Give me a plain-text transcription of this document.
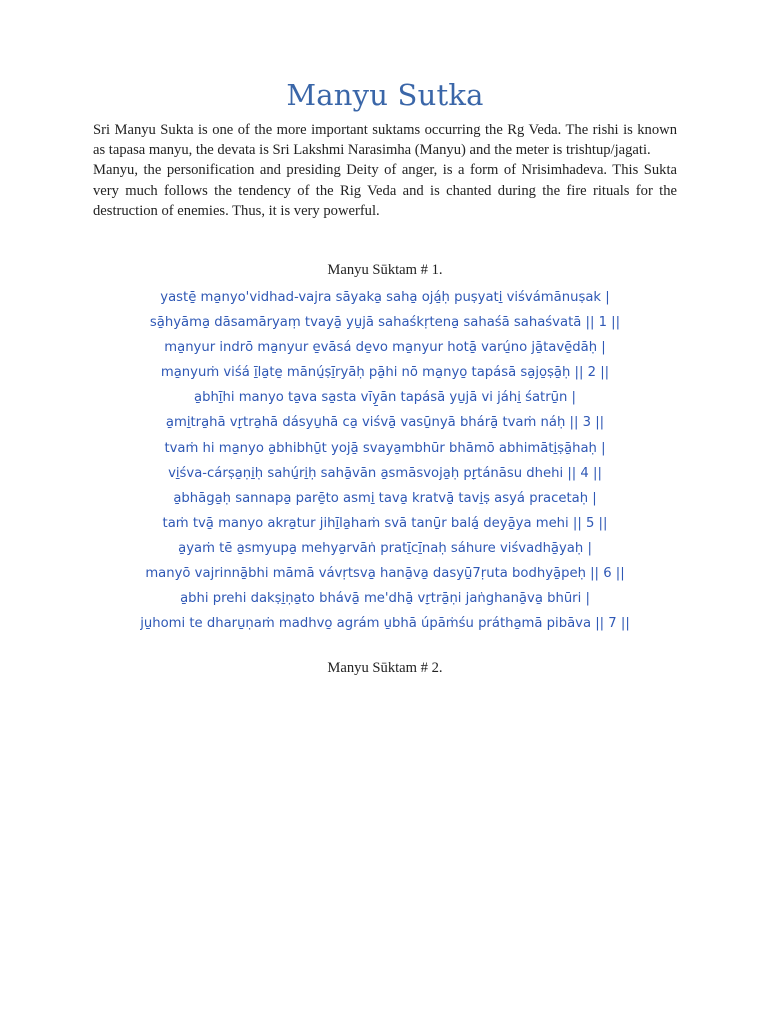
Manyu Sutka

Sri Manyu Sukta is one of the more important suktams occurring the Rg Veda. The rishi is known as tapasa manyu, the devata is Sri Lakshmi Narasimha (Manyu) and the meter is trishtup/jagati.

Manyu, the personification and presiding Deity of anger, is a form of Nrisimhadeva. This Sukta very much follows the tendency of the Rig Veda and is chanted during the fire rituals for the destruction of enemies. Thus, it is very powerful.

Manyu Sūktam # 1.

yastē̱ ma̱nyo'vidhad-vajra sāyaka̱ saha̱ ojá̱ḥ puṣyati̱ viśvámānuṣak |
sā̱hyāma̱ dāsamāryaṃ tvayā̱ yu̱jā sahaśkṛtena̱ sahaśā sahaśvatā || 1 ||
ma̱nyur indrō ma̱nyur e̱vāsá de̱vo ma̱nyur hotā̱ varú̱no jā̱tavē̱dāḥ |
ma̱nyuṁ viśá ī̱la̱te̱ mānú̱ṣī̱ryāḥ pā̱hi nō ma̱nyo̱ tapásā sa̱jo̱ṣā̱ḥ || 2 ||
a̱bhī̱hi manyo ta̱va sa̱sta vīy̱ān tapásā yu̱jā vi jáhi̱ śatrū̱n |
a̱mi̱tra̱hā vṛ̱tra̱hā dásyu̱hā ca̱ viśvā̱ vasū̱nyā bhárā̱ tvaṁ náḥ || 3 ||
tvaṁ hi ma̱nyo a̱bhibhū̱t yojā̱ svaya̱mbhūr bhāmō abhimāti̱ṣā̱haḥ |
vi̱śva-cárṣa̱ṇi̱ḥ sahú̱ri̱ḥ sahā̱vān a̱smāsvoja̱ḥ pṛ̱tánāsu dhehi || 4 ||
a̱bhāga̱ḥ sannapa̱ parē̱to asmi̱ tava̱ kratvā̱ tavi̱ṣ asyá pracetaḥ |
taṁ tvā̱ manyo akra̱tur jihī̱la̱haṁ svā tanū̱r balá̱ deyā̱ya mehi || 5 ||
a̱yaṁ tē a̱smyupa̱ mehya̱rvāṅ pratī̱cī̱naḥ sáhure viśvadhā̱yaḥ |
manyō vajrinnā̱bhi māmā vávṛtsva̱ hanā̱va̱ dasyū̱7ṛuta bodhyā̱peḥ || 6 ||
a̱bhi prehi dakṣi̱ṇa̱to bhávā̱ me'dhā̱ vṛ̱trā̱ṇi jaṅghanā̱va̱ bhūri |
ju̱homi te dharu̱ṇaṁ madhvo̱ agrám u̱bhā úpāṁśu prátha̱mā pibāva || 7 ||

Manyu Sūktam # 2.
